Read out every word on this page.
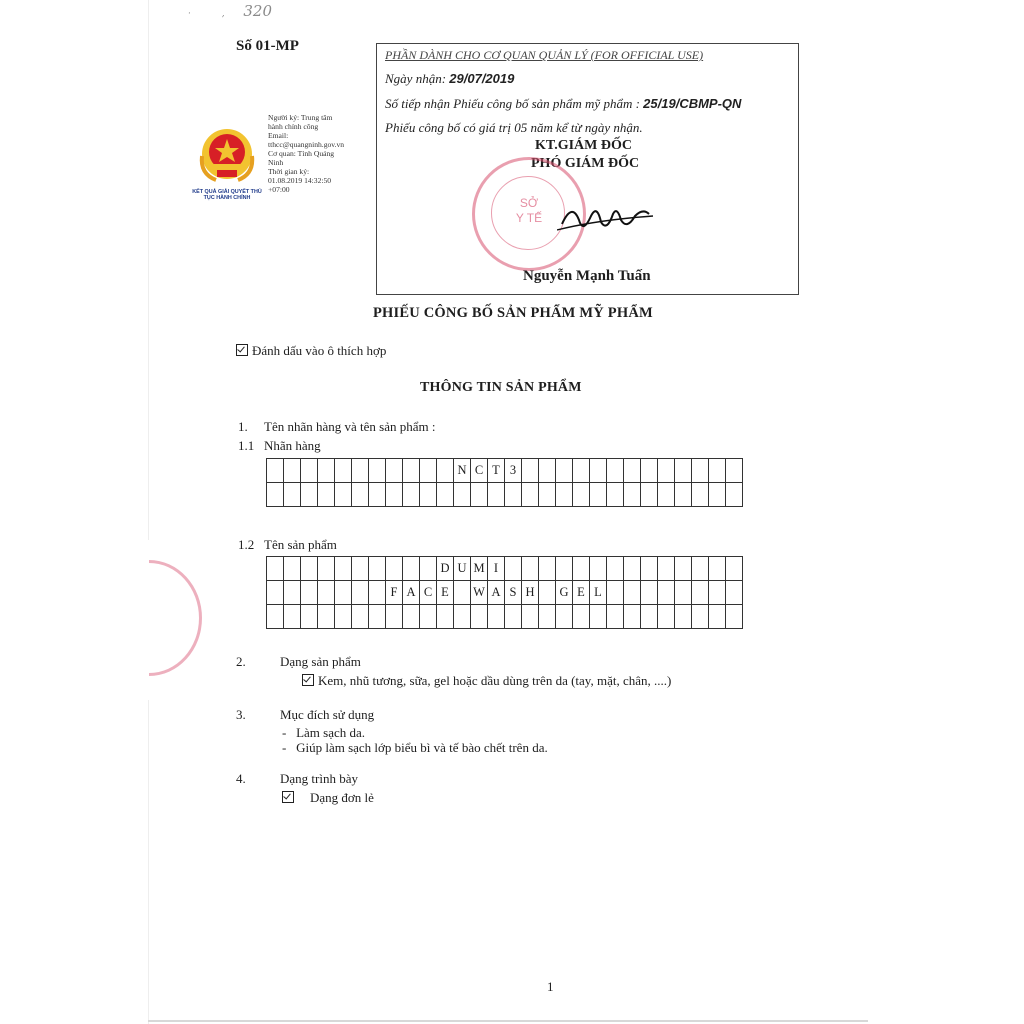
· , 320
Số 01-MP
KẾT QUẢ GIẢI QUYẾT THỦ TỤC HÀNH CHÍNH
Người ký: Trung tâm hành chính công
Email:
tthcc@quangninh.gov.vn
Cơ quan: Tỉnh Quảng Ninh
Thời gian ký:
01.08.2019 14:32:50 +07:00
PHẦN DÀNH CHO CƠ QUAN QUẢN LÝ (FOR OFFICIAL USE)
Ngày nhận: 29/07/2019
Số tiếp nhận Phiếu công bố sản phẩm mỹ phẩm : 25/19/CBMP-QN
Phiếu công bố có giá trị 05 năm kể từ ngày nhận.
KT.GIÁM ĐỐC
PHÓ GIÁM ĐỐC
SỞ
Y TẾ
Nguyễn Mạnh Tuấn
PHIẾU CÔNG BỐ SẢN PHẨM MỸ PHẨM
Đánh dấu vào ô thích hợp
THÔNG TIN SẢN PHẨM
1. Tên nhãn hàng và tên sản phẩm :
1.1 Nhãn hàng
											N	C	T	3													

1.2 Tên sản phẩm
										D	U	M	I														
							F	A	C	E		W	A	S	H		G	E	L								

2.	Dạng sản phẩm
Kem, nhũ tương, sữa, gel hoặc dầu dùng trên da (tay, mặt, chân, ....)
3.	Mục đích sử dụng
- Làm sạch da.
- Giúp làm sạch lớp biểu bì và tế bào chết trên da.
4.	Dạng trình bày
Dạng đơn lẻ
1
